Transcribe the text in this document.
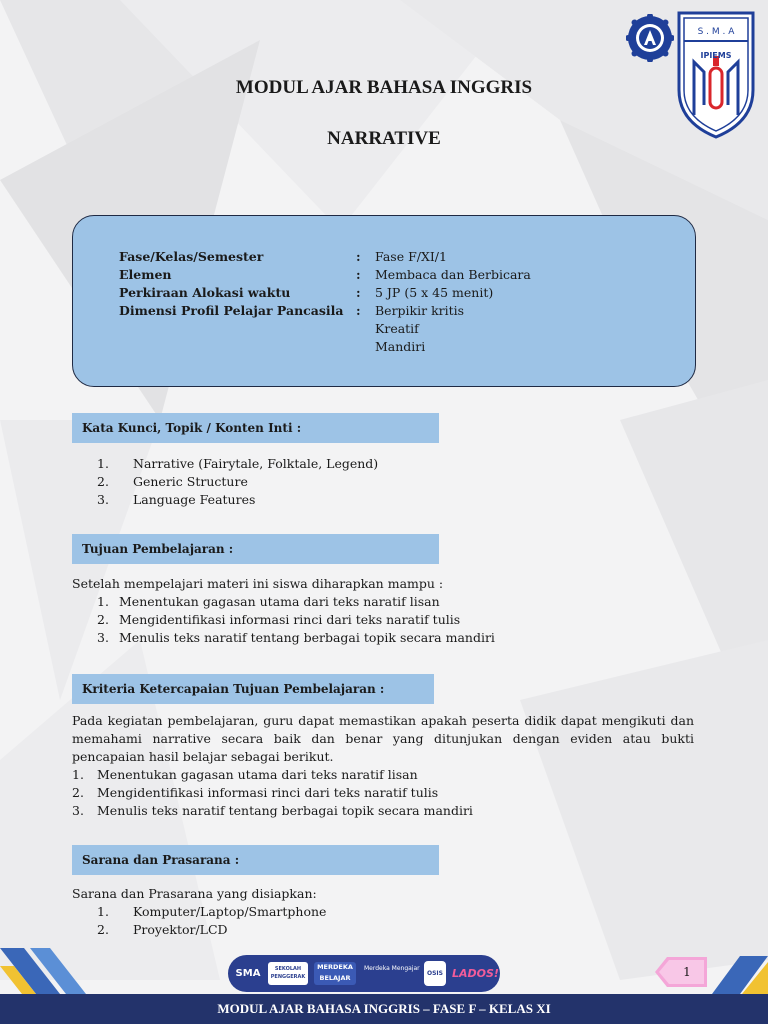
S . M . A
IPIEMS
MODUL AJAR BAHASA INGGRIS
NARRATIVE
Fase/Kelas/Semester	: Fase F/XI/1
Elemen	: Membaca dan Berbicara
Perkiraan Alokasi waktu	: 5 JP (5 x 45 menit)
Dimensi Profil Pelajar Pancasila : Berpikir kritis
Kreatif
Mandiri
Kata Kunci, Topik / Konten Inti :
1. Narrative (Fairytale, Folktale, Legend)
2. Generic Structure
3. Language Features
Tujuan Pembelajaran :
Setelah mempelajari materi ini siswa diharapkan mampu :
1. Menentukan gagasan utama dari teks naratif lisan
2. Mengidentifikasi informasi rinci dari teks naratif tulis
3. Menulis teks naratif tentang berbagai topik secara mandiri
Kriteria Ketercapaian Tujuan Pembelajaran :
Pada kegiatan pembelajaran, guru dapat memastikan apakah peserta didik dapat mengikuti dan memahami narrative secara baik dan benar yang ditunjukan dengan eviden atau bukti pencapaian hasil belajar sebagai berikut.
1. Menentukan gagasan utama dari teks naratif lisan
2. Mengidentifikasi informasi rinci dari teks naratif tulis
3. Menulis teks naratif tentang berbagai topik secara mandiri
Sarana dan Prasarana :
Sarana dan Prasarana yang disiapkan:
1. Komputer/Laptop/Smartphone
2. Proyektor/LCD
SMA	SEKOLAH PENGGERAK
MERDEKA BELAJAR
Merdeka Mengajar
OSIS LADOS!	1
MODUL AJAR BAHASA INGGRIS – FASE F – KELAS XI
